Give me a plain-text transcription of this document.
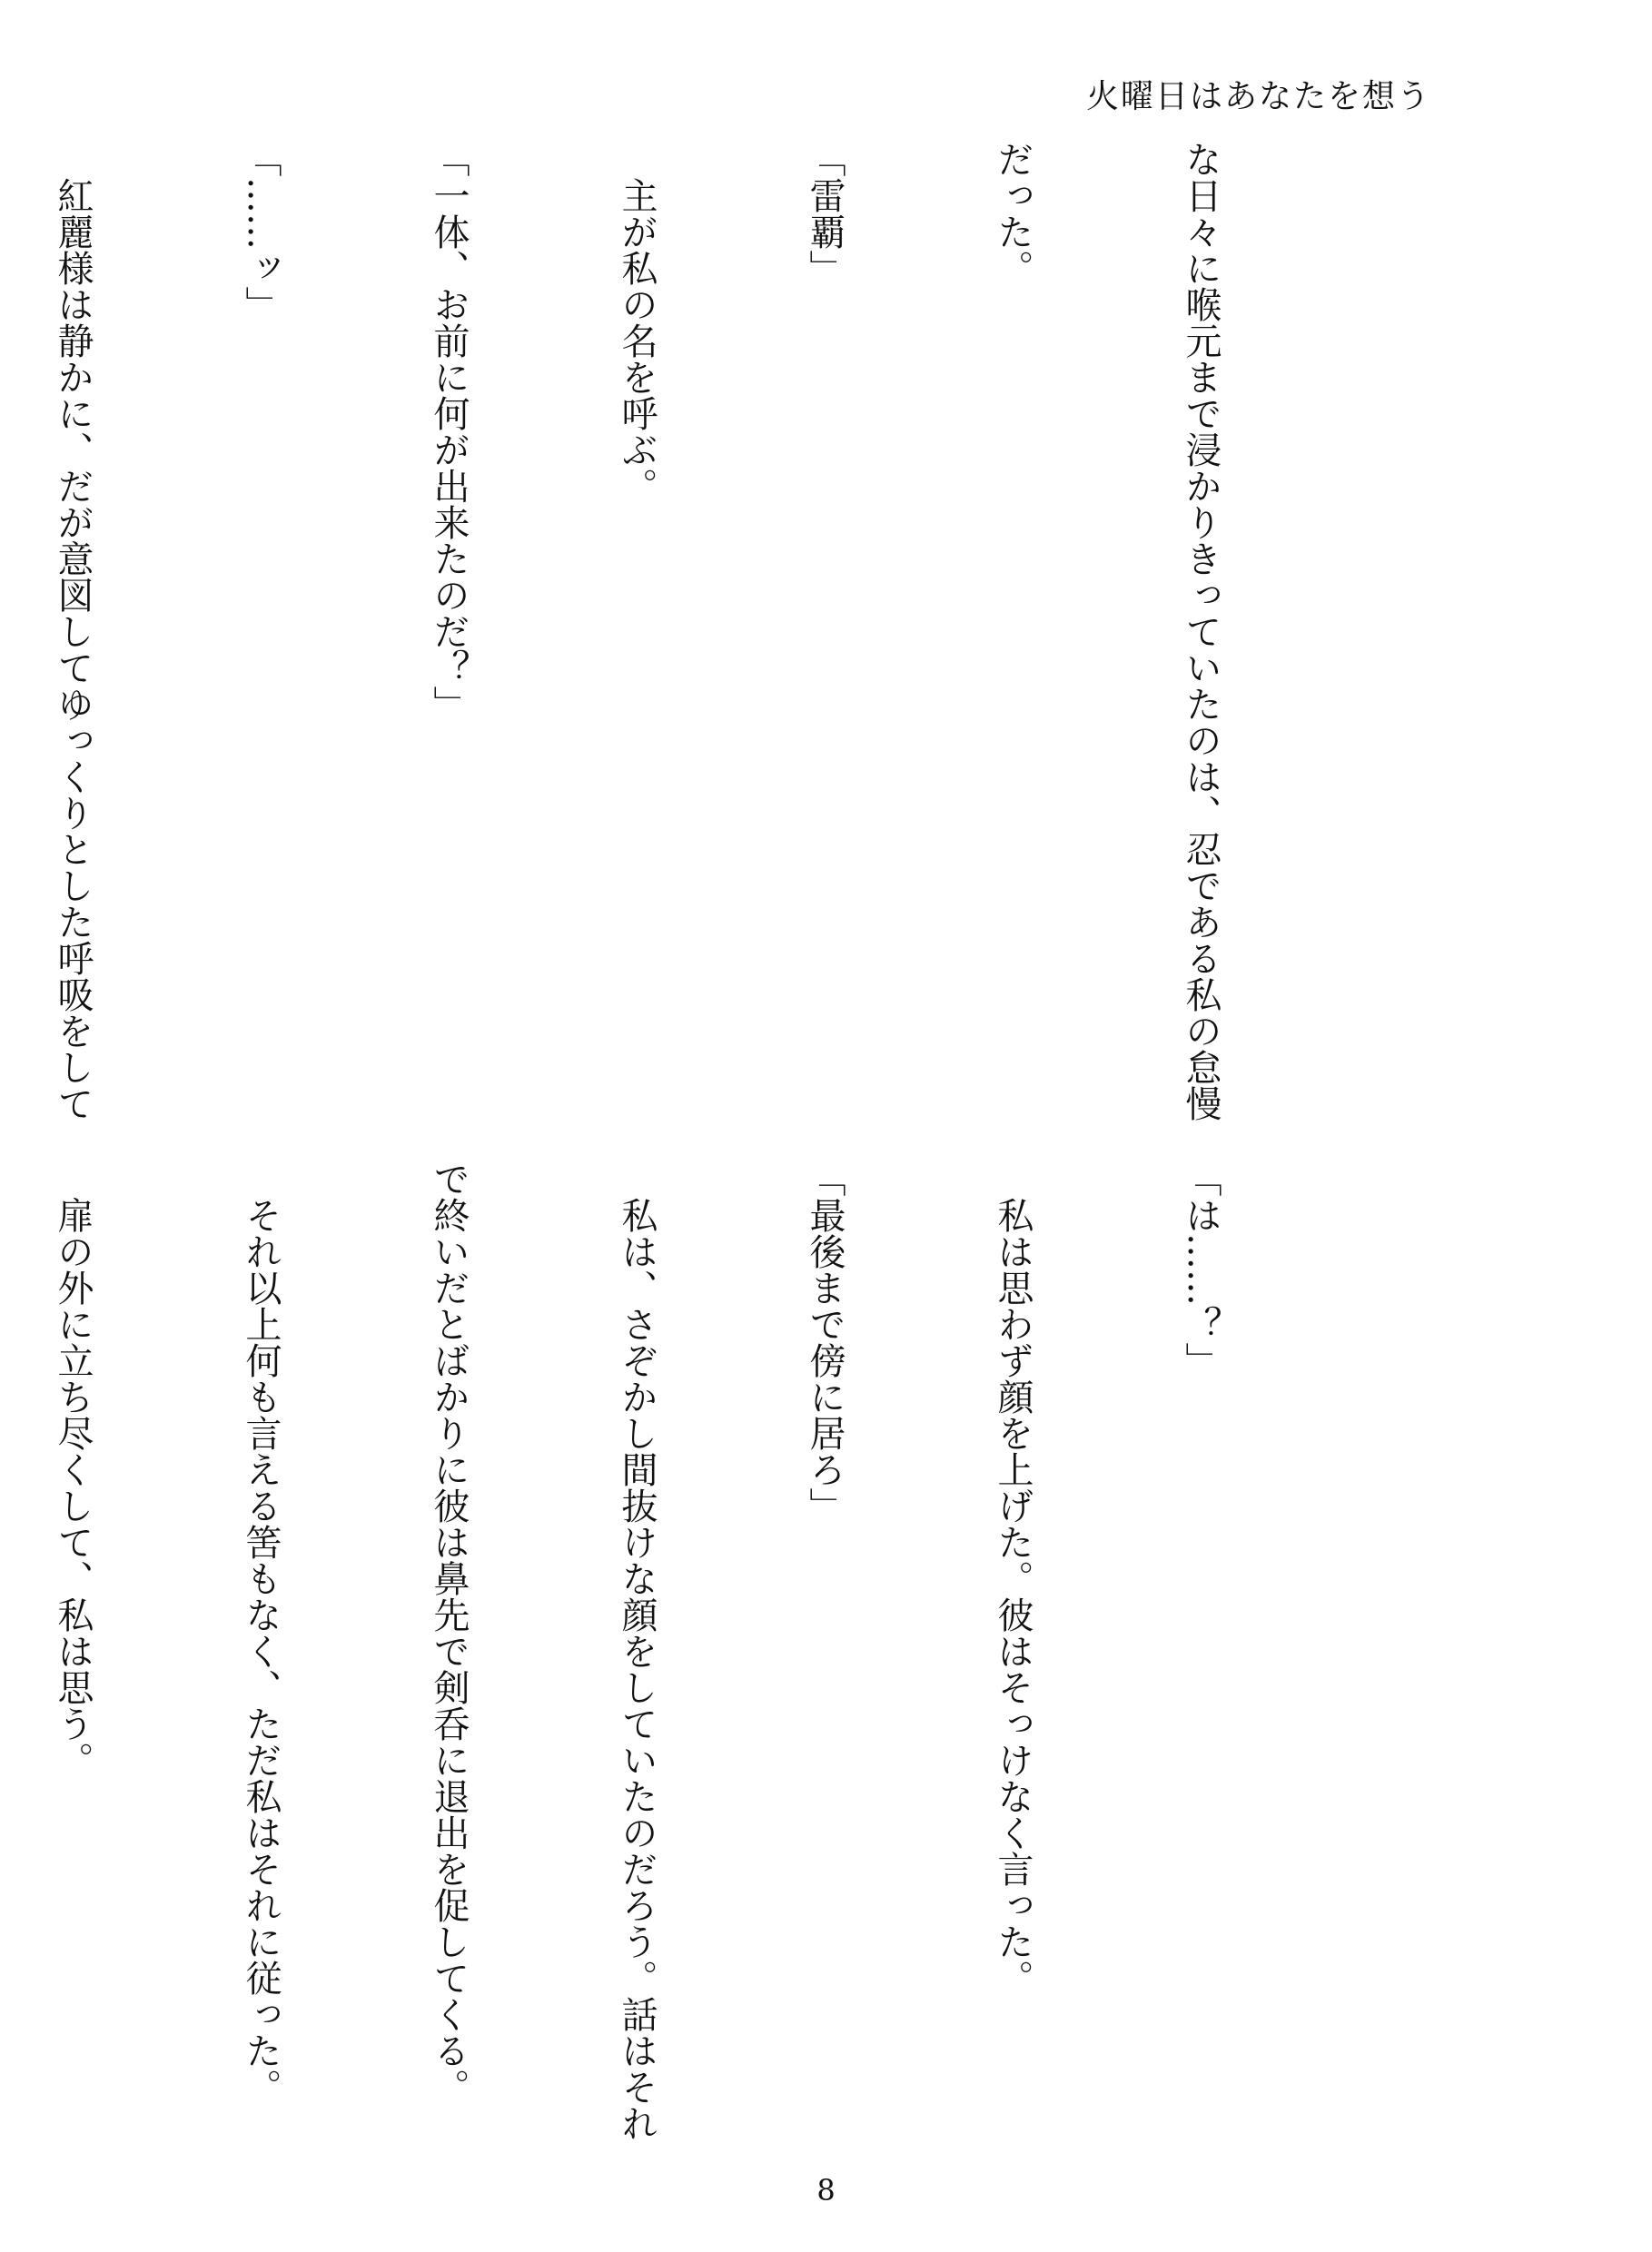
火曜日はあなたを想う

な日々に喉元まで浸かりきっていたのは、忍である私の怠慢

だった。

「雷覇」

　主が私の名を呼ぶ。

「一体、お前に何が出来たのだ？」

「……ッ」

　紅麗様は静かに、だが意図してゆっくりとした呼吸をして

「は……？」

　私は思わず顔を上げた。彼はそっけなく言った。

「最後まで傍に居ろ」

　私は、さぞかし間抜けな顔をしていたのだろう。話はそれ

で終いだとばかりに彼は鼻先で剣呑に退出を促してくる。

　それ以上何も言える筈もなく、ただ私はそれに従った。

　扉の外に立ち尽くして、私は思う。

8
